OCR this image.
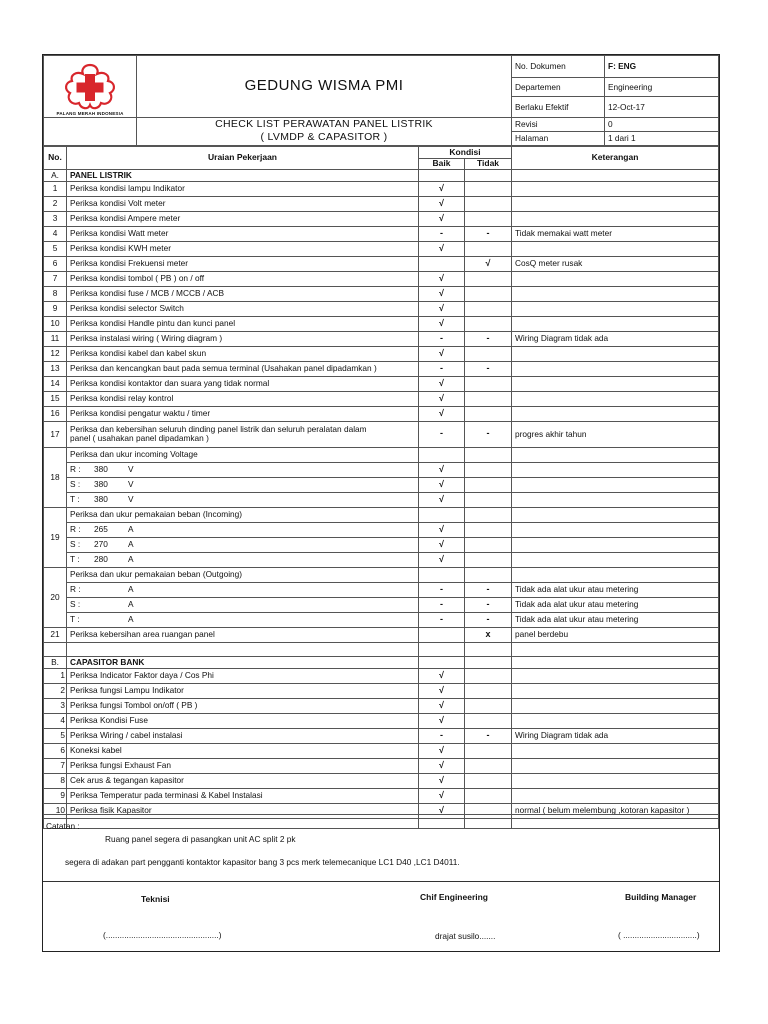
PALANG MERAH INDONESIA	GEDUNG WISMA PMI	No. Dokumen	F: ENG
		Departemen	Engineering
		Berlaku Efektif	12-Oct-17

	CHECK LIST PERAWATAN PANEL LISTRIK
( LVMDP & CAPASITOR )	Revisi	0
		Halaman	1 dari 1
No.	Uraian Pekerjaan	Kondisi		Keterangan
		Baik	Tidak	
A.	PANEL LISTRIK			
1	Periksa kondisi lampu Indikator	√		
2	Periksa kondisi Volt meter	√		
3	Periksa kondisi Ampere meter	√		
4	Periksa kondisi Watt meter	-	-	Tidak memakai watt meter
5	Periksa kondisi KWH meter	√		
6	Periksa kondisi Frekuensi meter		√	CosQ meter rusak
7	Periksa kondisi tombol ( PB ) on / off	√		
8	Periksa kondisi fuse / MCB / MCCB / ACB	√		
9	Periksa kondisi selector Switch	√		
10	Periksa kondisi Handle pintu dan kunci panel	√		
11	Periksa instalasi wiring ( Wiring diagram )	-	-	Wiring Diagram tidak ada
12	Periksa kondisi kabel dan kabel skun	√		
13	Periksa dan kencangkan baut pada semua terminal (Usahakan panel dipadamkan )	-	-	
14	Periksa kondisi kontaktor dan suara yang tidak normal	√		
15	Periksa kondisi relay kontrol	√		
16	Periksa kondisi pengatur waktu / timer	√		
17	Periksa dan kebersihan seluruh dinding panel listrik dan seluruh peralatan dalam
panel ( usahakan panel dipadamkan )	-	-	progres akhir tahun
18	Periksa dan ukur incoming Voltage			
	R : 380 V	√		
	S : 380 V	√		
	T : 380 V	√		
19	Periksa dan ukur pemakaian beban (Incoming)			
	R : 265 A	√		
	S : 270 A	√		
	T : 280 A	√		
20	Periksa dan ukur pemakaian beban (Outgoing)			
	R : A	-	-	Tidak ada alat ukur atau metering
	S : A	-	-	Tidak ada alat ukur atau metering
	T : A	-	-	Tidak ada alat ukur atau metering
21	Periksa kebersihan area ruangan panel		x	panel berdebu

B.	CAPASITOR BANK			
1	Periksa Indicator Faktor daya / Cos Phi	√		
2	Periksa fungsi Lampu Indikator	√		
3	Periksa fungsi Tombol on/off ( PB )	√		
4	Periksa Kondisi Fuse	√		
5	Periksa Wiring / cabel instalasi	-	-	Wiring Diagram tidak ada
6	Koneksi kabel	√		
7	Periksa fungsi Exhaust Fan	√		
8	Cek arus & tegangan kapasitor	√		
9	Periksa Temperatur pada terminasi & Kabel Instalasi	√		
10	Periksa fisik Kapasitor	√		normal ( belum melembung ,kotoran kapasitor )

Catatan :
Ruang panel segera di pasangkan unit AC split 2 pk
segera di adakan part pengganti kontaktor kapasitor bang 3 pcs merk telemecanique LC1 D40 ,LC1 D4011.
Teknisi	Chif Engineering	Building Manager
(.................................................)	drajat susilo.......	( ................................)
